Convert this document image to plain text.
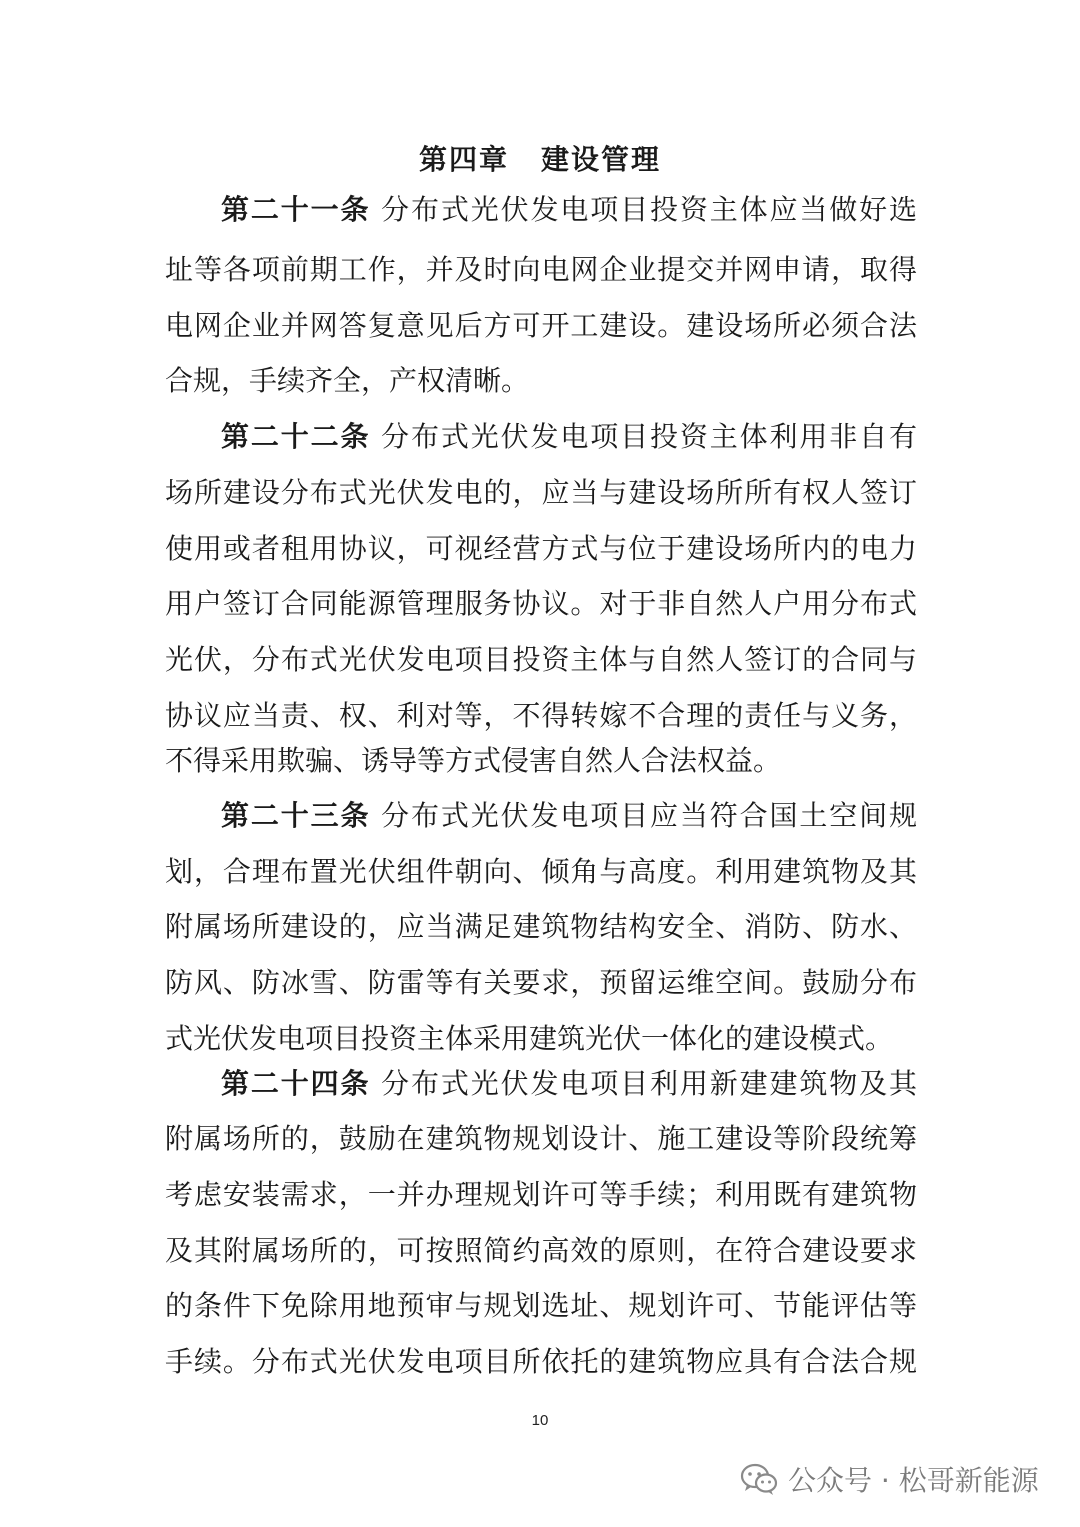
第四章 建设管理
第二十一条 分布式光伏发电项目投资主体应当做好选
址等各项前期工作，并及时向电网企业提交并网申请，取得
电网企业并网答复意见后方可开工建设。建设场所必须合法
合规，手续齐全，产权清晰。
第二十二条 分布式光伏发电项目投资主体利用非自有
场所建设分布式光伏发电的，应当与建设场所所有权人签订
使用或者租用协议，可视经营方式与位于建设场所内的电力
用户签订合同能源管理服务协议。对于非自然人户用分布式
光伏，分布式光伏发电项目投资主体与自然人签订的合同与
协议应当责、权、利对等，不得转嫁不合理的责任与义务，
不得采用欺骗、诱导等方式侵害自然人合法权益。
第二十三条 分布式光伏发电项目应当符合国土空间规
划，合理布置光伏组件朝向、倾角与高度。利用建筑物及其
附属场所建设的，应当满足建筑物结构安全、消防、防水、
防风、防冰雪、防雷等有关要求，预留运维空间。鼓励分布
式光伏发电项目投资主体采用建筑光伏一体化的建设模式。
第二十四条 分布式光伏发电项目利用新建建筑物及其
附属场所的，鼓励在建筑物规划设计、施工建设等阶段统筹
考虑安装需求，一并办理规划许可等手续；利用既有建筑物
及其附属场所的，可按照简约高效的原则，在符合建设要求
的条件下免除用地预审与规划选址、规划许可、节能评估等
手续。分布式光伏发电项目所依托的建筑物应具有合法合规
10
公众号 · 松哥新能源
